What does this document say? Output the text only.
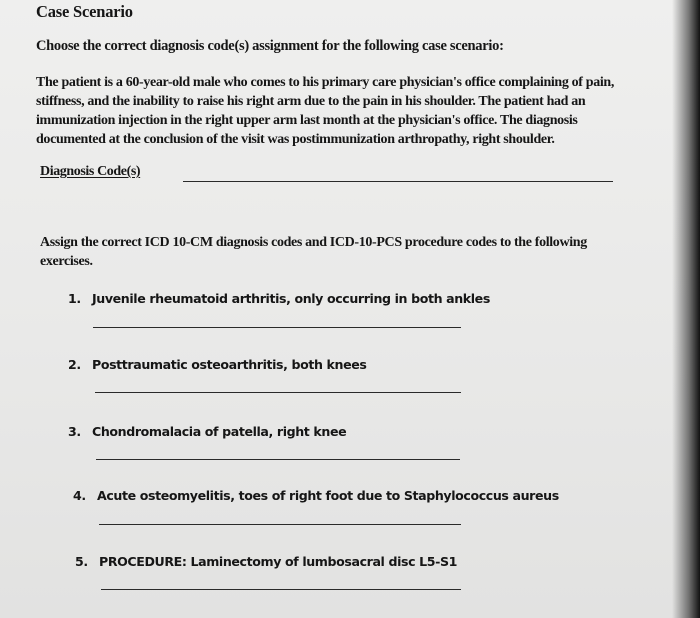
Case Scenario
Choose the correct diagnosis code(s) assignment for the following case scenario:
The patient is a 60-year-old male who comes to his primary care physician's office complaining of pain,
stiffness, and the inability to raise his right arm due to the pain in his shoulder. The patient had an
immunization injection in the right upper arm last month at the physician's office. The diagnosis
documented at the conclusion of the visit was postimmunization arthropathy, right shoulder.
Diagnosis Code(s)
Assign the correct ICD 10-CM diagnosis codes and ICD-10-PCS procedure codes to the following
exercises.
1. Juvenile rheumatoid arthritis, only occurring in both ankles
2. Posttraumatic osteoarthritis, both knees
3. Chondromalacia of patella, right knee
4. Acute osteomyelitis, toes of right foot due to Staphylococcus aureus
5. PROCEDURE: Laminectomy of lumbosacral disc L5-S1
